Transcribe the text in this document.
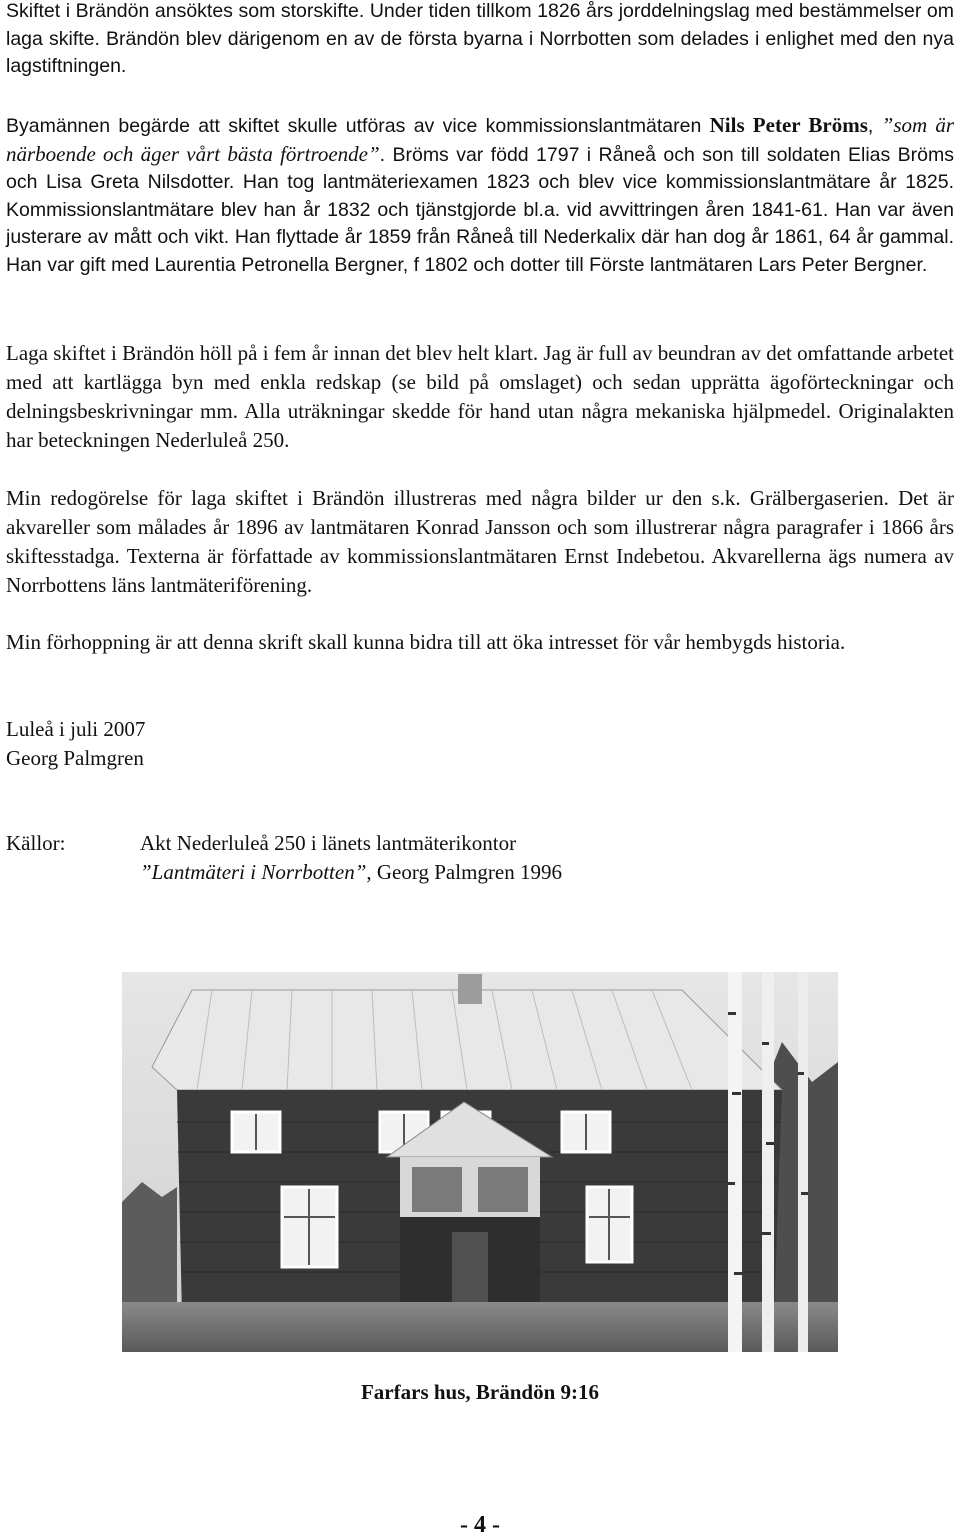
Skiftet i Brändön ansöktes som storskifte. Under tiden tillkom 1826 års jorddelningslag med bestämmelser om laga skifte. Brändön blev därigenom en av de första byarna i Norrbotten som delades i enlighet med den nya lagstiftningen.

Byamännen begärde att skiftet skulle utföras av vice kommissionslantmätaren Nils Peter Bröms, ”som är närboende och äger vårt bästa förtroende”. Bröms var född 1797 i Råneå och son till soldaten Elias Bröms och Lisa Greta Nilsdotter. Han tog lantmäteriexamen 1823 och blev vice kommissionslantmätare år 1825. Kommissionslantmätare blev han år 1832 och tjänstgjorde bl.a. vid avvittringen åren 1841-61. Han var även justerare av mått och vikt. Han flyttade år 1859 från Råneå till Nederkalix där han dog år 1861, 64 år gammal. Han var gift med Laurentia Petronella Bergner, f 1802 och dotter till Förste lantmätaren Lars Peter Bergner.

Laga skiftet i Brändön höll på i fem år innan det blev helt klart. Jag är full av beundran av det omfattande arbetet med att kartlägga byn med enkla redskap (se bild på omslaget) och sedan upprätta ägoförteckningar och delningsbeskrivningar mm. Alla uträkningar skedde för hand utan några mekaniska hjälpmedel. Originalakten har beteckningen Nederluleå 250.

Min redogörelse för laga skiftet i Brändön illustreras med några bilder ur den s.k. Grälbergaserien. Det är akvareller som målades år 1896 av lantmätaren Konrad Jansson och som illustrerar några paragrafer i 1866 års skiftesstadga. Texterna är författade av kommissionslantmätaren Ernst Indebetou. Akvarellerna ägs numera av Norrbottens läns lantmäteriförening.

Min förhoppning är att denna skrift skall kunna bidra till att öka intresset för vår hembygds historia.

Luleå i juli 2007
Georg Palmgren
Källor:	Akt Nederluleå 250 i länets lantmäterikontor
”Lantmäteri i Norrbotten”, Georg Palmgren 1996
Farfars hus, Brändön 9:16
- 4 -
